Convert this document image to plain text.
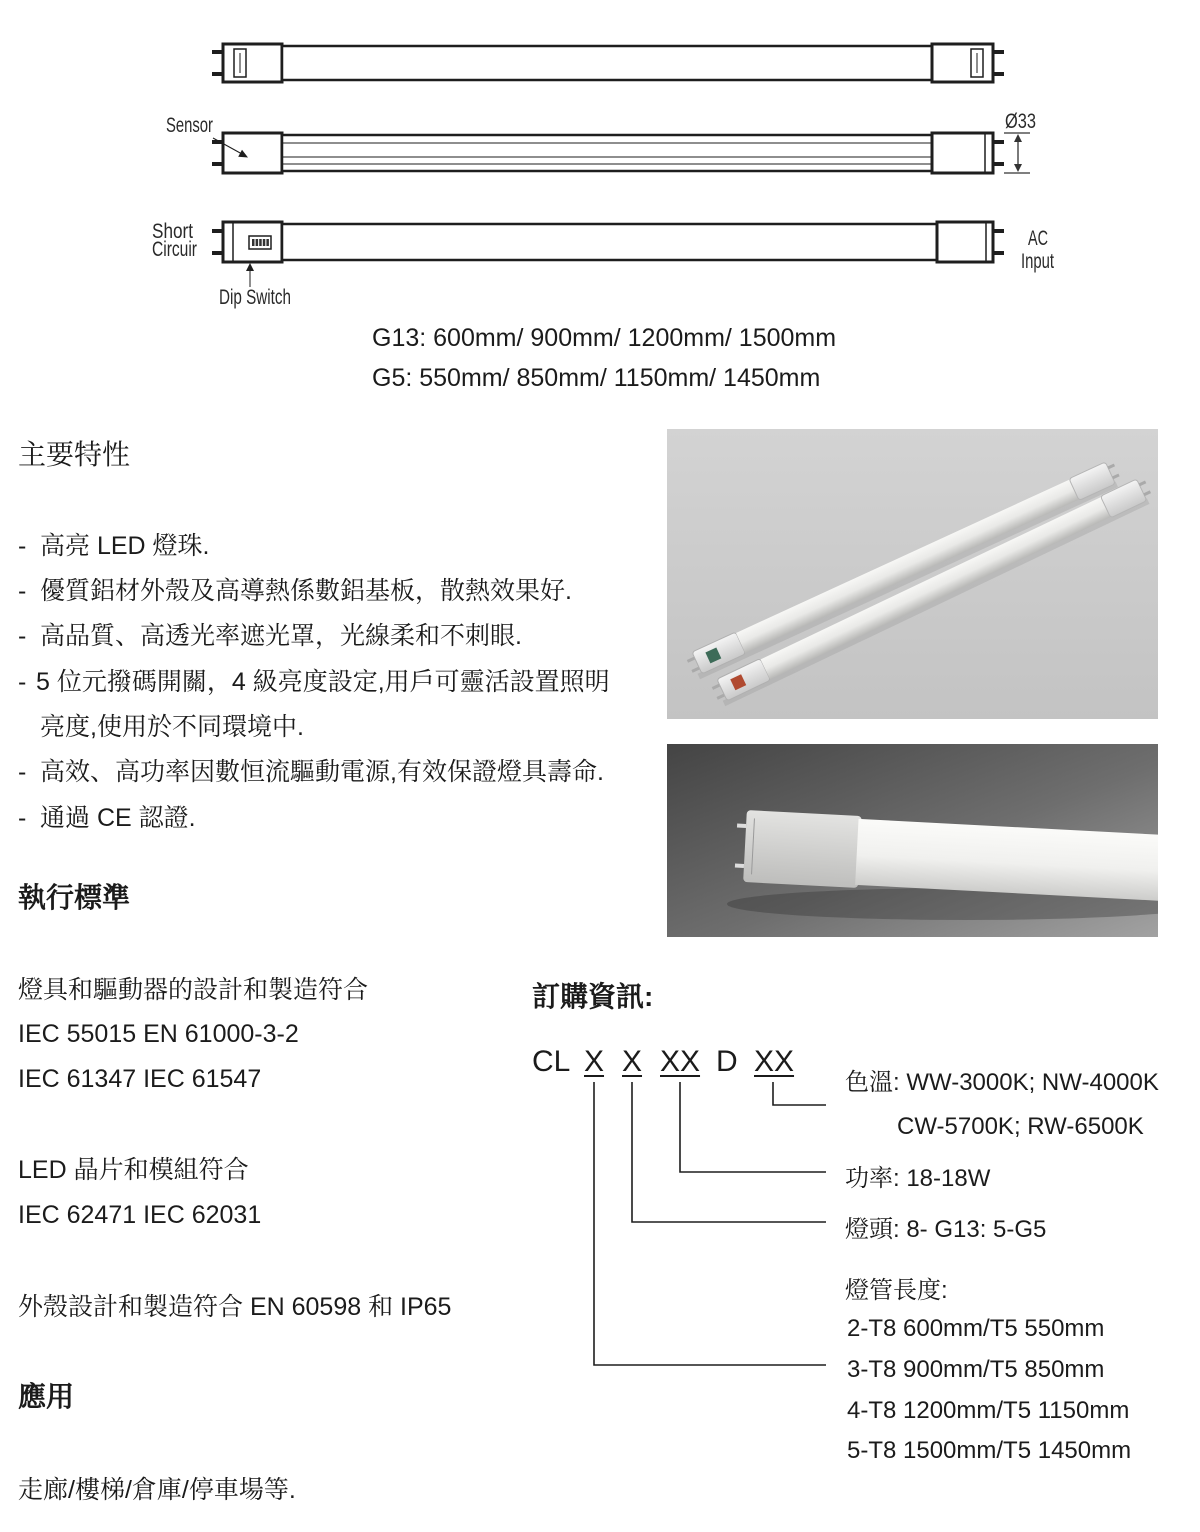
Sensor	Ø33
Short
Circuir
Dip Switch
AC
Input
G13: 600mm/ 900mm/ 1200mm/ 1500mm
G5: 550mm/ 850mm/ 1150mm/ 1450mm
主要特性
- 高亮 LED 燈珠.
- 優質鋁材外殼及高導熱係數鋁基板，散熱效果好.
- 高品質、高透光率遮光罩，光線柔和不刺眼.
- 5 位元撥碼開關，4 級亮度設定,用戶可靈活設置照明
亮度,使用於不同環境中.
- 高效、高功率因數恒流驅動電源,有效保證燈具壽命.
- 通過 CE 認證.
執行標準
燈具和驅動器的設計和製造符合
IEC 55015 EN 61000-3-2
IEC 61347 IEC 61547
LED 晶片和模組符合
IEC 62471 IEC 62031
外殼設計和製造符合 EN 60598 和 IP65
應用
走廊/樓梯/倉庫/停車場等.
訂購資訊:
CL X X XX D XX
色溫: WW-3000K; NW-4000K
CW-5700K; RW-6500K
功率: 18-18W
燈頭: 8- G13: 5-G5
燈管長度:
2-T8 600mm/T5 550mm
3-T8 900mm/T5 850mm
4-T8 1200mm/T5 1150mm
5-T8 1500mm/T5 1450mm
